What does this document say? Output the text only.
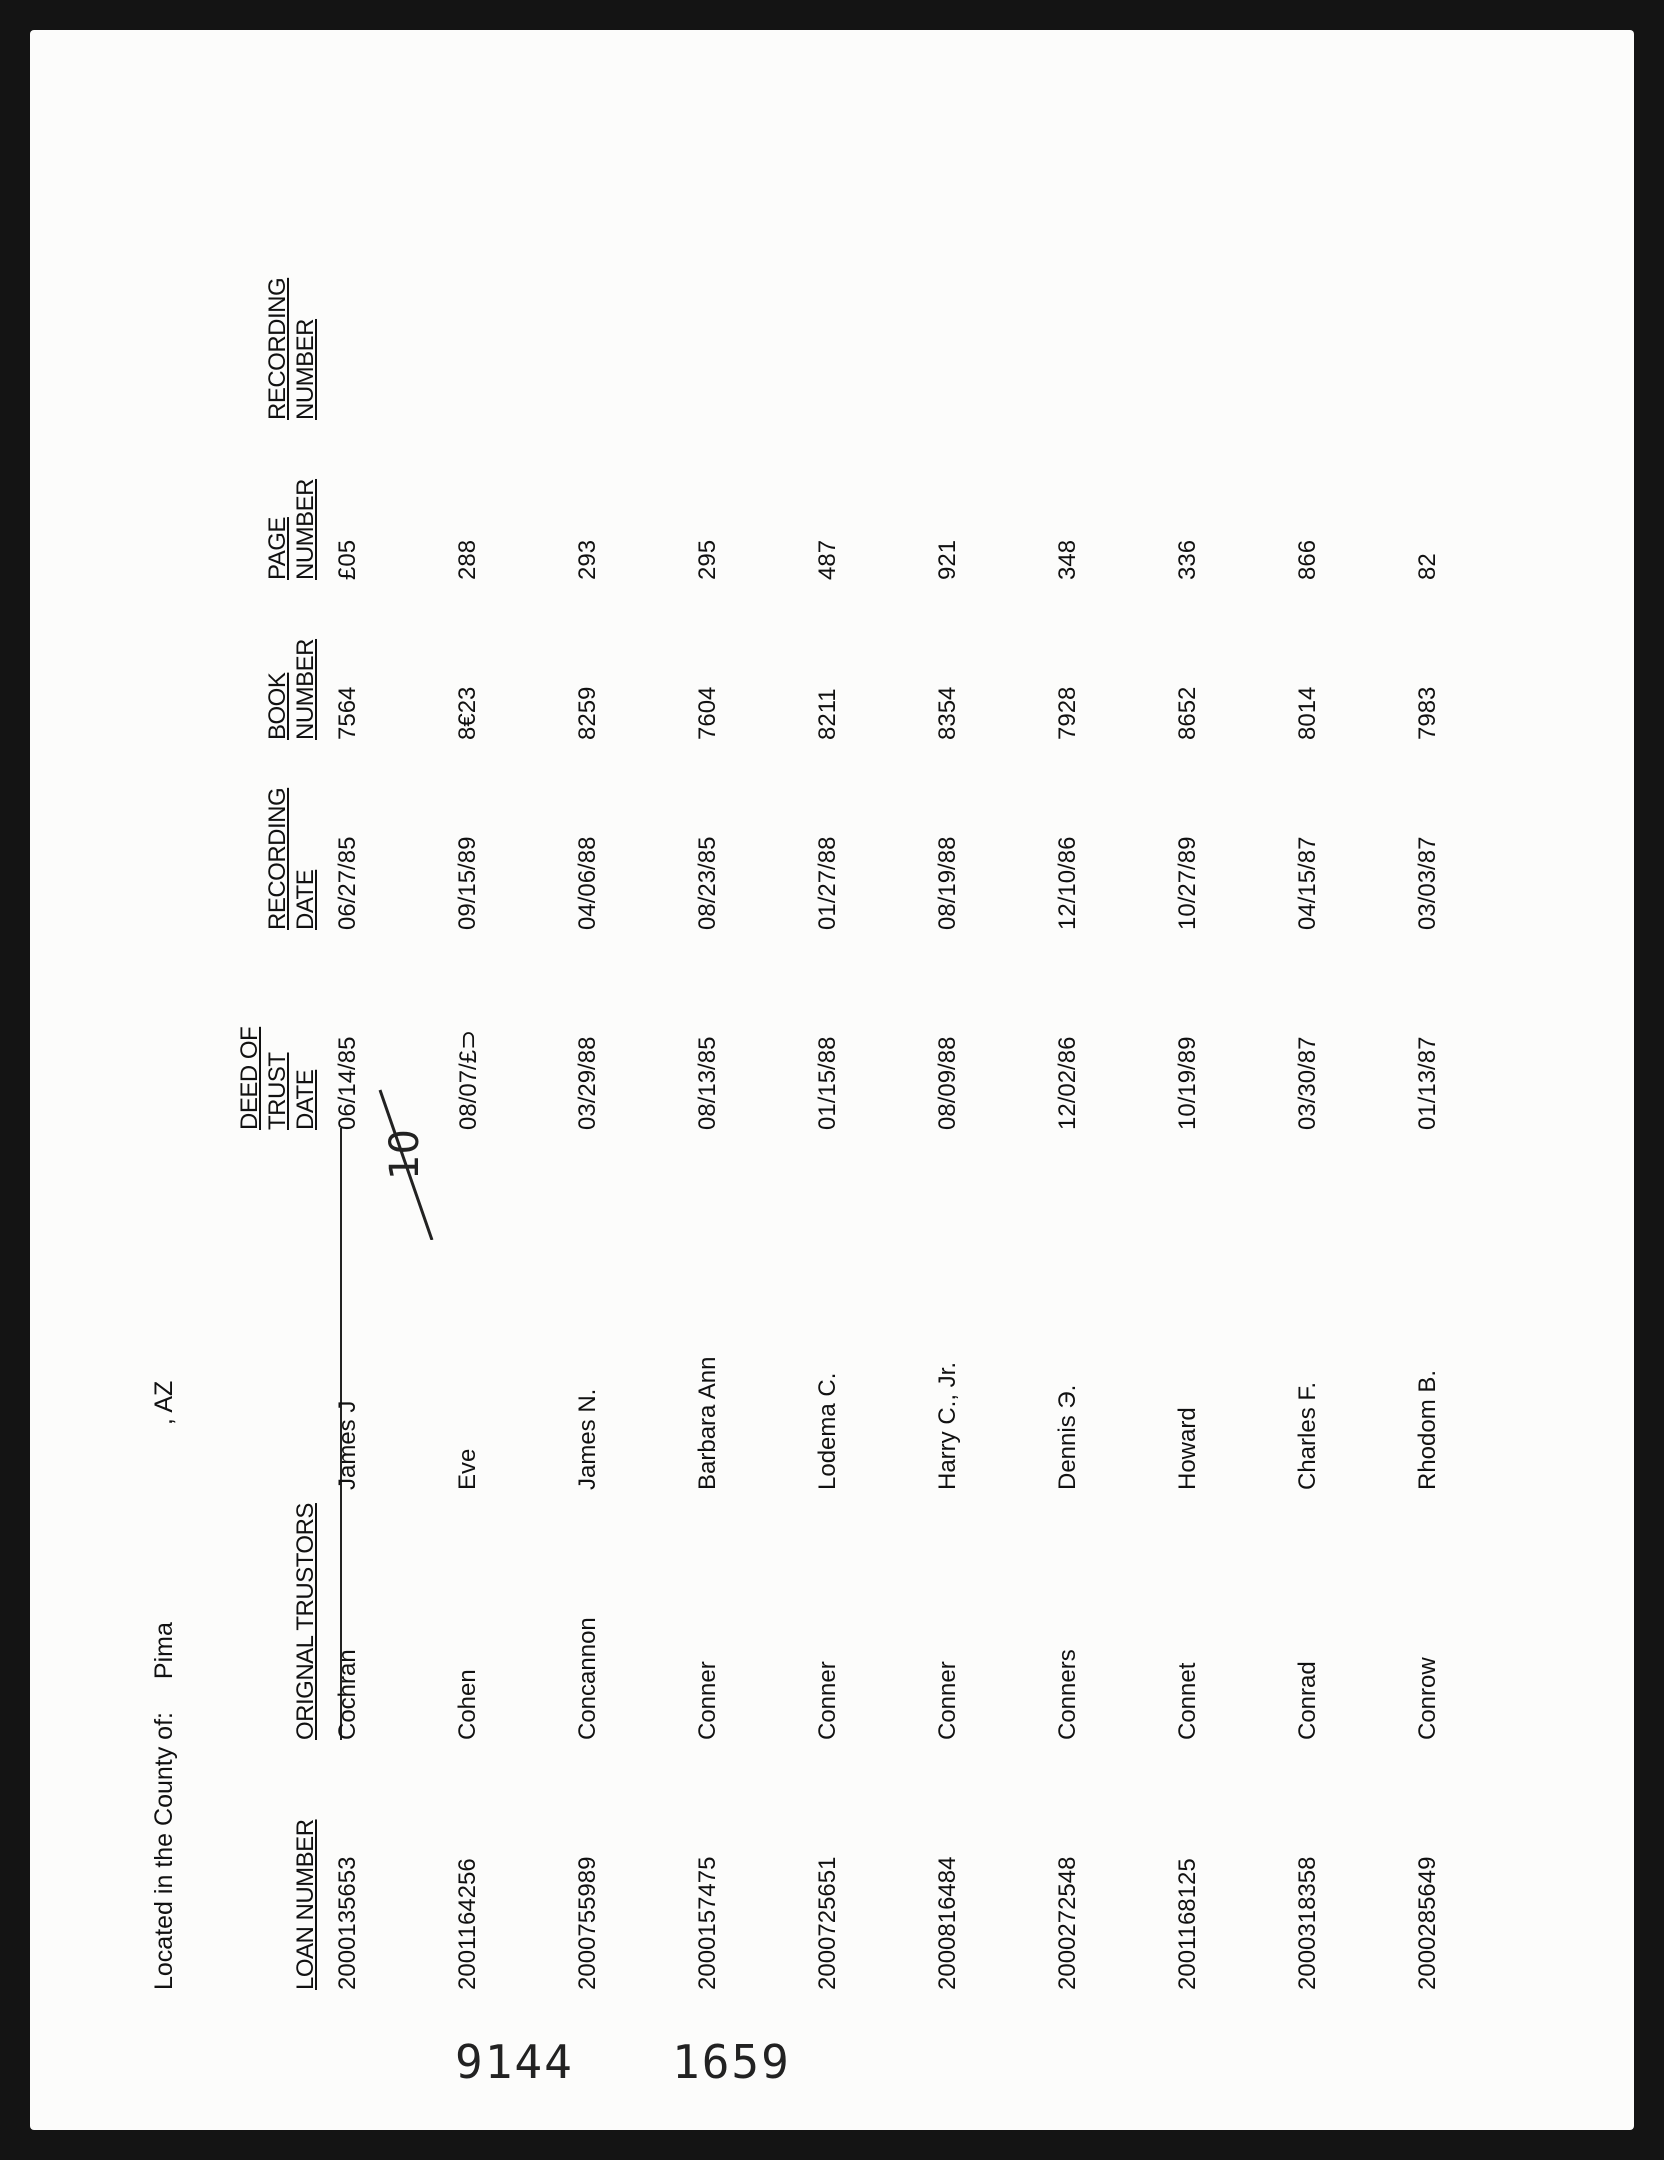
Located in the County of: Pima , AZ
LOAN NUMBER
ORIGNAL TRUSTORS
DEED OF TRUST DATE
RECORDING DATE
BOOK NUMBER
PAGE NUMBER
RECORDING NUMBER
2000135653
Cochran
James J
06/14/85
06/27/85
7564
£05
2001164256
Cohen
Eve
08/07/£⊃
09/15/89
8€23
288
2000755989
Concannon
James N.
03/29/88
04/06/88
8259
293
2000157475
Conner
Barbara Ann
08/13/85
08/23/85
7604
295
2000725651
Conner
Lodema C.
01/15/88
01/27/88
8211
487
2000816484
Conner
Harry C., Jr.
08/09/88
08/19/88
8354
921
2000272548
Conners
Dennis Э.
12/02/86
12/10/86
7928
348
2001168125
Connet
Howard
10/19/89
10/27/89
8652
336
2000318358
Conrad
Charles F.
03/30/87
04/15/87
8014
866
2000285649
Conrow
Rhodom B.
01/13/87
03/03/87
7983
82
10
9144 1659
